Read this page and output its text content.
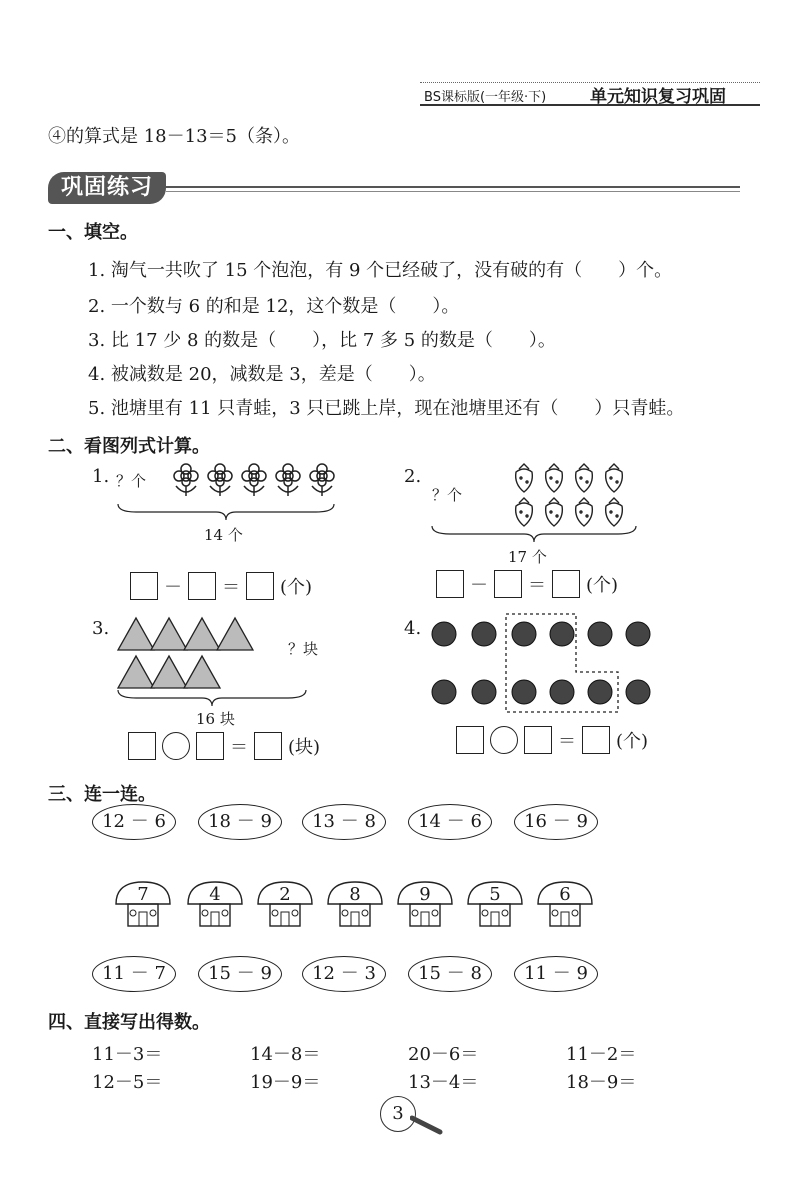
BS课标版(一年级·下)	单元知识复习巩固
④的算式是 18－13＝5（条）。
巩固练习
一、填空。
1. 淘气一共吹了 15 个泡泡，有 9 个已经破了，没有破的有（　　）个。
2. 一个数与 6 的和是 12，这个数是（　　）。
3. 比 17 少 8 的数是（　　），比 7 多 5 的数是（　　）。
4. 被减数是 20，减数是 3，差是（　　）。
5. 池塘里有 11 只青蛙，3 只已跳上岸，现在池塘里还有（　　）只青蛙。
二、看图列式计算。
1. ？个
14 个
－ ＝ (个)
2.
？个
17 个
－ ＝ (个)
3.
？块
16 块
＝ (块)
4.
＝ (个)
三、连一连。
12 － 6	18 － 9	13 － 8	14 － 6	16 － 9
7	4	2	8	9	5	6
11 － 7	15 － 9	12 － 3	15 － 8	11 － 9
四、直接写出得数。
11－3＝	14－8＝	20－6＝	11－2＝
12－5＝	19－9＝	13－4＝	18－9＝
3
